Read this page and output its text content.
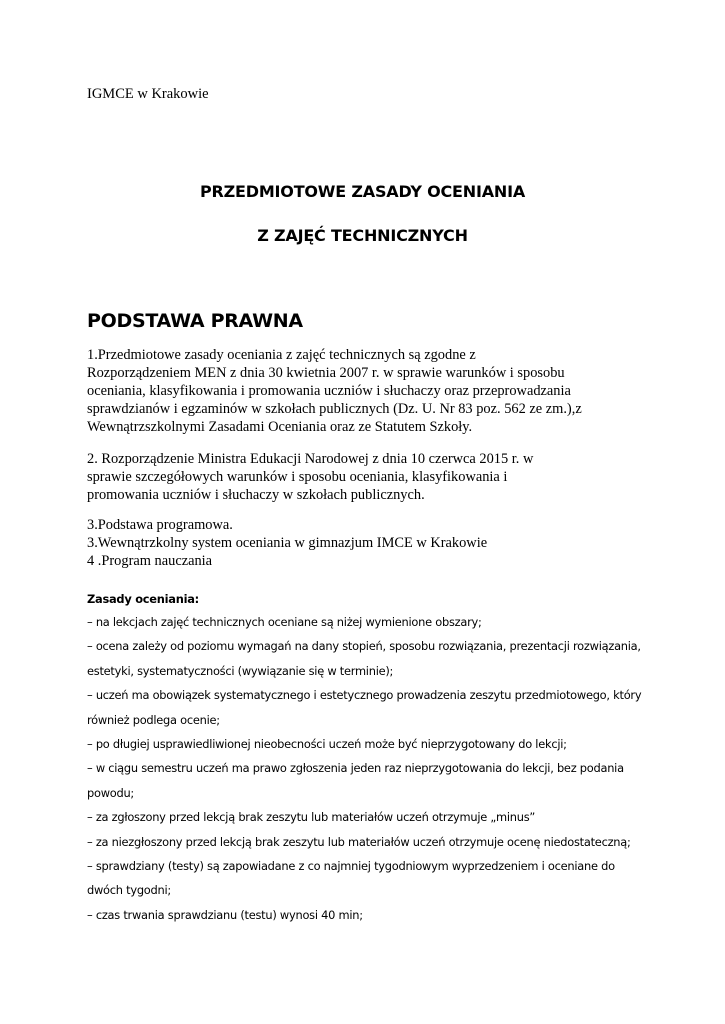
IGMCE w Krakowie
PRZEDMIOTOWE ZASADY OCENIANIA
Z ZAJĘĆ TECHNICZNYCH
PODSTAWA PRAWNA
1.Przedmiotowe zasady oceniania z zajęć technicznych są zgodne z
Rozporządzeniem MEN z dnia 30 kwietnia 2007 r. w sprawie warunków i sposobu
oceniania, klasyfikowania i promowania uczniów i słuchaczy oraz przeprowadzania
sprawdzianów i egzaminów w szkołach publicznych (Dz. U. Nr 83 poz. 562 ze zm.),z
Wewnątrzszkolnymi Zasadami Oceniania oraz ze Statutem Szkoły.
2. Rozporządzenie Ministra Edukacji Narodowej z dnia 10 czerwca 2015 r. w
sprawie szczegółowych warunków i sposobu oceniania, klasyfikowania i
promowania uczniów i słuchaczy w szkołach publicznych.
3.Podstawa programowa.
3.Wewnątrzkolny system oceniania w gimnazjum IMCE w Krakowie
4 .Program nauczania
Zasady oceniania:
– na lekcjach zajęć technicznych oceniane są niżej wymienione obszary;
– ocena zależy od poziomu wymagań na dany stopień, sposobu rozwiązania, prezentacji rozwiązania,
estetyki, systematyczności (wywiązanie się w terminie);
– uczeń ma obowiązek systematycznego i estetycznego prowadzenia zeszytu przedmiotowego, który
również podlega ocenie;
– po długiej usprawiedliwionej nieobecności uczeń może być nieprzygotowany do lekcji;
– w ciągu semestru uczeń ma prawo zgłoszenia jeden raz nieprzygotowania do lekcji, bez podania
powodu;
– za zgłoszony przed lekcją brak zeszytu lub materiałów uczeń otrzymuje „minus”
– za niezgłoszony przed lekcją brak zeszytu lub materiałów uczeń otrzymuje ocenę niedostateczną;
– sprawdziany (testy) są zapowiadane z co najmniej tygodniowym wyprzedzeniem i oceniane do
dwóch tygodni;
– czas trwania sprawdzianu (testu) wynosi 40 min;
